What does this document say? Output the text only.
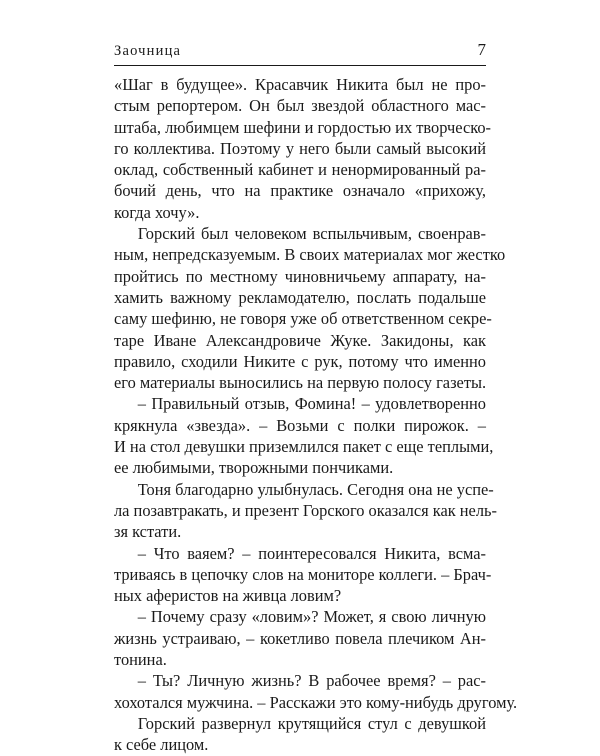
Заочница	7

«Шаг в будущее». Красавчик Никита был не про-
стым репортером. Он был звездой областного мас-
штаба, любимцем шефини и гордостью их творческо-
го коллектива. Поэтому у него были самый высокий
оклад, собственный кабинет и ненормированный ра-
бочий день, что на практике означало «прихожу,
когда хочу».

Горский был человеком вспыльчивым, своенрав-
ным, непредсказуемым. В своих материалах мог жестко
пройтись по местному чиновничьему аппарату, на-
хамить важному рекламодателю, послать подальше
саму шефиню, не говоря уже об ответственном секре-
таре Иване Александровиче Жуке. Закидоны, как
правило, сходили Никите с рук, потому что именно
его материалы выносились на первую полосу газеты.

– Правильный отзыв, Фомина! – удовлетворенно
крякнула «звезда». – Возьми с полки пирожок. –
И на стол девушки приземлился пакет с еще теплыми,
ее любимыми, творожными пончиками.

Тоня благодарно улыбнулась. Сегодня она не успе-
ла позавтракать, и презент Горского оказался как нель-
зя кстати.

– Что ваяем? – поинтересовался Никита, всма-
триваясь в цепочку слов на мониторе коллеги. – Брач-
ных аферистов на живца ловим?

– Почему сразу «ловим»? Может, я свою личную
жизнь устраиваю, – кокетливо повела плечиком Ан-
тонина.

– Ты? Личную жизнь? В рабочее время? – рас-
хохотался мужчина. – Расскажи это кому-нибудь другому.

Горский развернул крутящийся стул с девушкой
к себе лицом.
